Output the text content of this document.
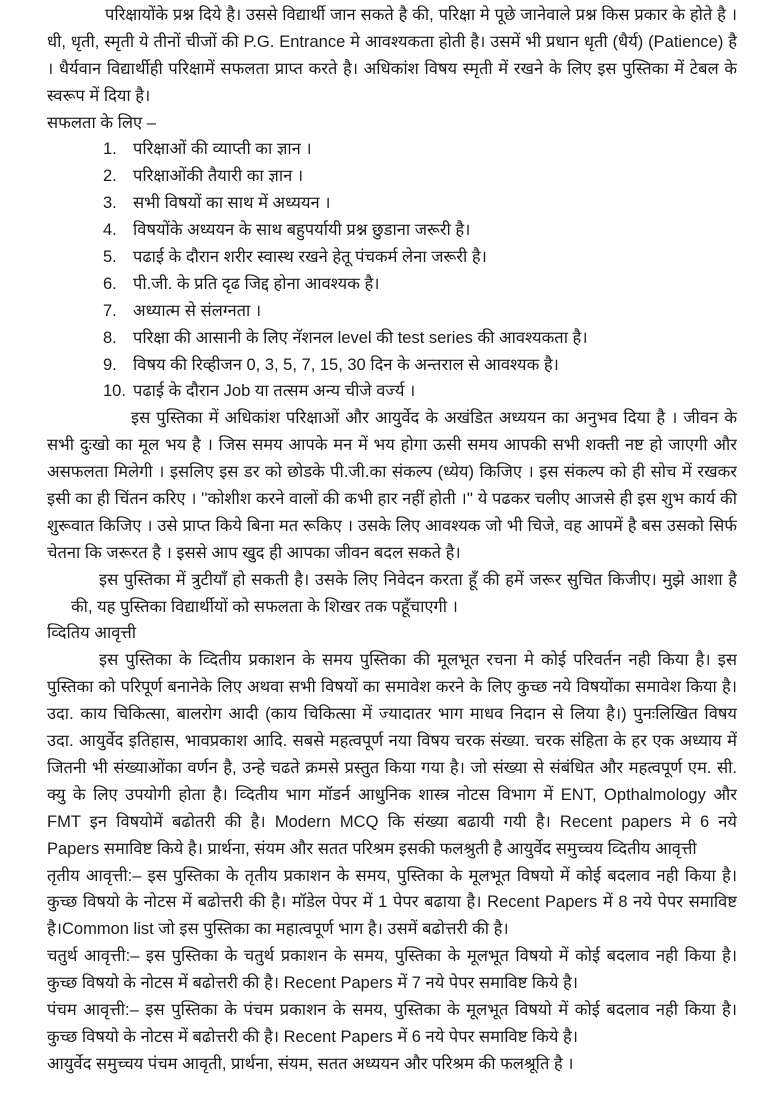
परिक्षायोंके प्रश्न दिये है। उससे विद्यार्थी जान सकते है की, परिक्षा मे पूछे जानेवाले प्रश्न किस प्रकार के होते है ।
धी, धृती, स्मृती ये तीनों चीजों की P.G. Entrance मे आवश्यकता होती है। उसमें भी प्रधान धृती (धैर्य) (Patience) है
। धैर्यवान विद्यार्थीही परिक्षामें सफलता प्राप्त करते है। अधिकांश विषय स्मृती में रखने के लिए इस पुस्तिका में टेबल के
स्वरूप में दिया है।
सफलता के लिए –
1. परिक्षाओं की व्याप्ती का ज्ञान ।
2. परिक्षाओंकी तैयारी का ज्ञान ।
3. सभी विषयों का साथ में अध्ययन ।
4. विषयोंके अध्ययन के साथ बहुपर्यायी प्रश्न छुडाना जरूरी है।
5. पढाई के दौरान शरीर स्वास्थ रखने हेतू पंचकर्म लेना जरूरी है।
6. पी.जी. के प्रति दृढ जिद्द होना आवश्यक है।
7. अध्यात्म से संलग्नता ।
8. परिक्षा की आसानी के लिए नॅशनल level की test series की आवश्यकता है।
9. विषय की रिव्हीजन 0, 3, 5, 7, 15, 30 दिन के अन्तराल से आवश्यक है।
10. पढाई के दौरान Job या तत्सम अन्य चीजे वर्ज्य ।
इस पुस्तिका में अधिकांश परिक्षाओं और आयुर्वेद के अखंडित अध्ययन का अनुभव दिया है । जीवन के
सभी दुःखो का मूल भय है । जिस समय आपके मन में भय होगा ऊसी समय आपकी सभी शक्ती नष्ट हो जाएगी और
असफलता मिलेगी । इसलिए इस डर को छोडके पी.जी.का संकल्प (ध्येय) किजिए । इस संकल्प को ही सोच में रखकर
इसी का ही चिंतन करिए । ''कोशीश करने वालों की कभी हार नहीं होती ।'' ये पढकर चलीए आजसे ही इस शुभ कार्य की
शुरूवात किजिए । उसे प्राप्त किये बिना मत रूकिए । उसके लिए आवश्यक जो भी चिजे, वह आपमें है बस उसको सिर्फ
चेतना कि जरूरत है । इससे आप खुद ही आपका जीवन बदल सकते है।
इस पुस्तिका में त्रुटीयाँ हो सकती है। उसके लिए निवेदन करता हूँ की हमें जरूर सुचित किजीए। मुझे आशा है
की, यह पुस्तिका विद्यार्थीयों को सफलता के शिखर तक पहूँचाएगी ।
व्दितिय आवृत्ती
इस पुस्तिका के व्दितीय प्रकाशन के समय पुस्तिका की मूलभूत रचना मे कोई परिवर्तन नही किया है। इस
पुस्तिका को परिपूर्ण बनानेके लिए अथवा सभी विषयों का समावेश करने के लिए कुच्छ नये विषयोंका समावेश किया है।
उदा. काय चिकित्सा, बालरोग आदी (काय चिकित्सा में ज्यादातर भाग माधव निदान से लिया है।) पुनःलिखित विषय
उदा. आयुर्वेद इतिहास, भावप्रकाश आदि. सबसे महत्वपूर्ण नया विषय चरक संख्या. चरक संहिता के हर एक अध्याय में
जितनी भी संख्याओंका वर्णन है, उन्हे चढते क्रमसे प्रस्तुत किया गया है। जो संख्या से संबंधित और महत्वपूर्ण एम. सी.
क्यु के लिए उपयोगी होता है। व्दितीय भाग मॉडर्न आधुनिक शास्त्र नोटस विभाग में ENT, Opthalmology और
FMT इन विषयोमें बढोतरी की है। Modern MCQ कि संख्या बढायी गयी है। Recent papers मे 6 नये
Papers समाविष्ट किये है। प्रार्थना, संयम और सतत परिश्रम इसकी फलश्रुती है आयुर्वेद समुच्चय व्दितीय आवृत्ती
तृतीय आवृत्ती:– इस पुस्तिका के तृतीय प्रकाशन के समय, पुस्तिका के मूलभूत विषयो में कोई बदलाव नही किया है।
कुच्छ विषयो के नोटस में बढोत्तरी की है। मॉडेल पेपर में 1 पेपर बढाया है। Recent Papers में 8 नये पेपर समाविष्ट
है।Common list जो इस पुस्तिका का महात्वपूर्ण भाग है। उसमें बढोत्तरी की है।
चतुर्थ आवृत्ती:– इस पुस्तिका के चतुर्थ प्रकाशन के समय, पुस्तिका के मूलभूत विषयो में कोई बदलाव नही किया है।
कुच्छ विषयो के नोटस में बढोत्तरी की है। Recent Papers में 7 नये पेपर समाविष्ट किये है।
पंचम आवृत्ती:– इस पुस्तिका के पंचम प्रकाशन के समय, पुस्तिका के मूलभूत विषयो में कोई बदलाव नही किया है।
कुच्छ विषयो के नोटस में बढोत्तरी की है। Recent Papers में 6 नये पेपर समाविष्ट किये है।
आयुर्वेद समुच्चय पंचम आवृती, प्रार्थना, संयम, सतत अध्ययन और परिश्रम की फलश्रूति है ।
